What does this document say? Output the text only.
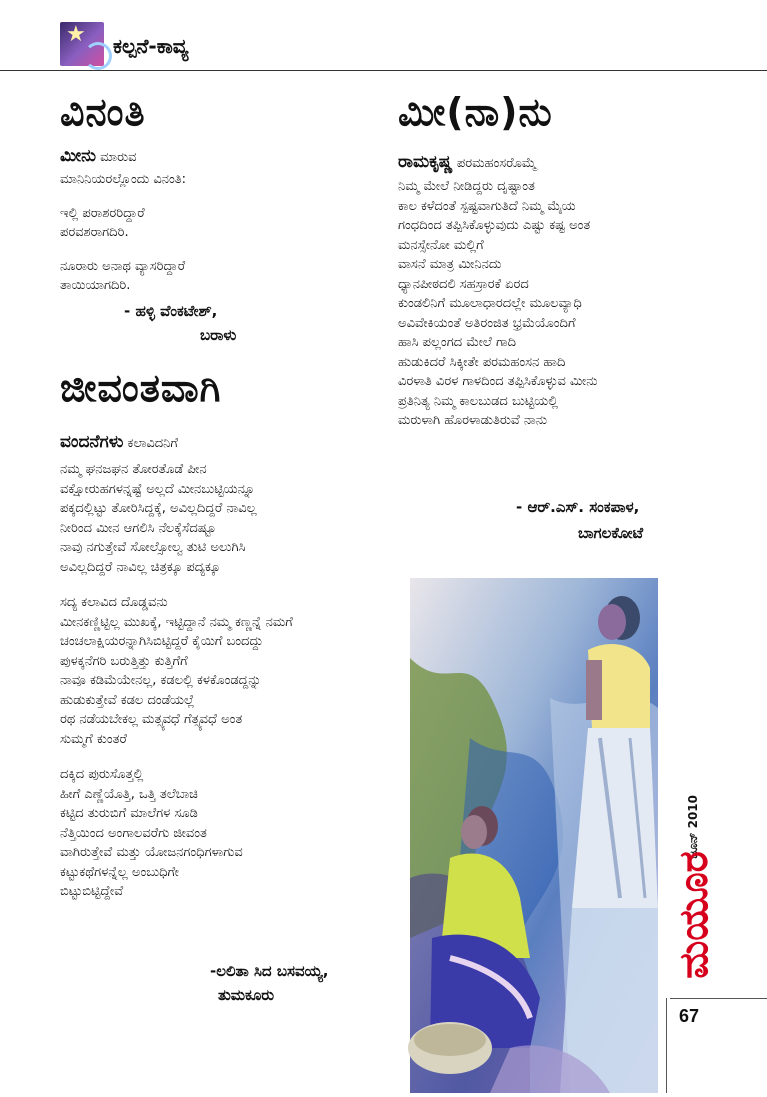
★ ಕಲ್ಪನೆ-ಕಾವ್ಯ
ವಿನಂತಿ
ಮೀನು ಮಾರುವ

ಮಾನಿನಿಯರಲ್ಲೊಂದು ವಿನಂತಿ:

ಇಲ್ಲಿ ಪರಾಶರರಿದ್ದಾರೆ

ಪರವಶರಾಗದಿರಿ.

ನೂರಾರು ಅನಾಥ ವ್ಯಾಸರಿದ್ದಾರೆ

ತಾಯಿಯಾಗದಿರಿ.

- ಹಳ್ಳಿ ವೆಂಕಟೇಶ್,
ಬರಾಳು
ಜೀವಂತವಾಗಿ
ವಂದನೆಗಳು ಕಲಾವಿದನಿಗೆ

ನಮ್ಮ ಘನಜಘನ ತೋರತೊಡೆ ಪೀನ

ವಕ್ಷೋರುಹಗಳನ್ನಷ್ಟೆ ಅಲ್ಲದೆ ಮೀನಬುಟ್ಟಿಯನ್ನೂ

ಪಕ್ಕದಲ್ಲಿಟ್ಟು ತೋರಿಸಿದ್ದಕ್ಕೆ, ಅವಿಲ್ಲದಿದ್ದರೆ ನಾವಿಲ್ಲ

ನೀರಿಂದ ಮೀನ ಆಗಲಿಸಿ ನೆಲಕ್ಕೆಸೆದಷ್ಟೂ

ನಾವು ನಗುತ್ತೇವೆ ಸೋಲ್ಸೋಲ್ವ ತುಟಿ ಅಲುಗಿಸಿ

ಅವಿಲ್ಲದಿದ್ದರೆ ನಾವಿಲ್ಲ ಚಿತ್ರಕ್ಕೂ ಪದ್ಯಕ್ಕೂ

ಸದ್ಯ ಕಲಾವಿದ ದೊಡ್ಡವನು

ಮೀನಕಣ್ಣಿಟ್ಟಿಲ್ಲ ಮುಖಕ್ಕೆ, ಇಟ್ಟಿದ್ದಾನೆ ನಮ್ಮ ಕಣ್ಣನ್ನೆ ನಮಗೆ

ಚಂಚಲಾಕ್ಷಿಯರನ್ನಾಗಿಸಿಬಿಟ್ಟಿದ್ದರೆ ಕೈಯಿಗೆ ಬಂದದ್ದು

ಪುಳಕ್ಕನೆಗರಿ ಬರುತ್ತಿತ್ತು ಕುತ್ತಿಗೆಗೆ

ನಾವೂ ಕಡಿಮೆಯೇನಲ್ಲ, ಕಡಲಲ್ಲಿ ಕಳಕೊಂಡದ್ದನ್ನು

ಹುಡುಕುತ್ತೇವೆ ಕಡಲ ದಂಡೆಯಲ್ಲೆ

ರಥ ನಡೆಯಬೇಕಲ್ಲ ಮತ್ಸ್ಯವಧೆ ಗೆತ್ಸ್ಯವಧೆ ಅಂತ

ಸುಮ್ಮಗೆ ಕುಂತರೆ

ದಕ್ಕಿದ ಪುರುಸೊತ್ತಲ್ಲಿ

ಹೀಗೆ ಎಣ್ಣೆಯೊತ್ತಿ, ಒತ್ತಿ ತಲೆಬಾಚಿ

ಕಟ್ಟಿದ ತುರುಬಿಗೆ ಮಾಲೆಗಳ ಸೂಡಿ

ನೆತ್ತಿಯಿಂದ ಅಂಗಾಲವರೆಗು ಜೀವಂತ

ವಾಗಿರುತ್ತೇವೆ ಮತ್ತು ಯೋಜನಗಂಧಿಗಳಾಗುವ

ಕಟ್ಟುಕಥೆಗಳನ್ನೆಲ್ಲ ಅಂಬುಧಿಗೇ

ಬಿಟ್ಟುಬಿಟ್ಟಿದ್ದೇವೆ

-ಲಲಿತಾ ಸಿದ ಬಸವಯ್ಯ,
ತುಮಕೂರು
ಮೀ(ನಾ)ನು
ರಾಮಕೃಷ್ಣ ಪರಮಹಂಸರೊಮ್ಮೆ

ನಿಮ್ಮ ಮೇಲೆ ನೀಡಿದ್ದರು ದೃಷ್ಟಾಂತ

ಕಾಲ ಕಳೆದಂತೆ ಸ್ಪಷ್ಟವಾಗುತಿದೆ ನಿಮ್ಮ ಮೈಯ

ಗಂಧದಿಂದ ತಪ್ಪಿಸಿಕೊಳ್ಳುವುದು ಎಷ್ಟು ಕಷ್ಟ ಅಂತ

ಮನಸ್ಸೇನೋ ಮಲ್ಲಿಗೆ

ವಾಸನೆ ಮಾತ್ರ ಮೀನಿನದು

ಧ್ಯಾನಪೀಠದಲಿ ಸಹಸ್ರಾರಕೆ ಏರದ

ಕುಂಡಲಿನಿಗೆ ಮೂಲಾಧಾರದಲ್ಲೇ ಮೂಲವ್ಯಾಧಿ

ಅವಿವೇಕಿಯಂತೆ ಅತಿರಂಜಿತ ಭ್ರಮೆಯೊಂದಿಗೆ

ಹಾಸಿ ಪಲ್ಲಂಗದ ಮೇಲೆ ಗಾದಿ

ಹುಡುಕಿದರೆ ಸಿಕ್ಕೀತೇ ಪರಮಹಂಸನ ಹಾದಿ

ವಿರಳಾತಿ ವಿರಳ ಗಾಳದಿಂದ ತಪ್ಪಿಸಿಕೊಳ್ಳುವ ಮೀನು

ಪ್ರತಿನಿತ್ಯ ನಿಮ್ಮ ಕಾಲಬುಡದ ಬುಟ್ಟಿಯಲ್ಲಿ

ಮರುಳಾಗಿ ಹೊರಳಾಡುತಿರುವೆ ನಾನು

- ಆರ್.ಎಸ್. ಸಂಕಪಾಳ,
ಬಾಗಲಕೋಟೆ
ಜೂನ್ 2010
ಮಯೂರ
67
